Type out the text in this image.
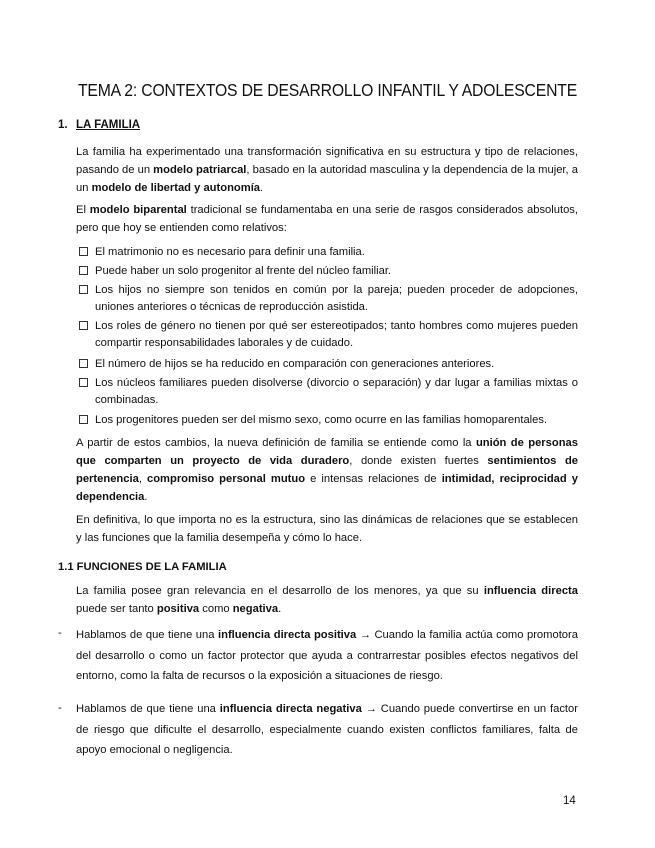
TEMA 2: CONTEXTOS DE DESARROLLO INFANTIL Y ADOLESCENTE
1. LA FAMILIA
La familia ha experimentado una transformación significativa en su estructura y tipo de relaciones, pasando de un modelo patriarcal, basado en la autoridad masculina y la dependencia de la mujer, a un modelo de libertad y autonomía.
El modelo biparental tradicional se fundamentaba en una serie de rasgos considerados absolutos, pero que hoy se entienden como relativos:
El matrimonio no es necesario para definir una familia.
Puede haber un solo progenitor al frente del núcleo familiar.
Los hijos no siempre son tenidos en común por la pareja; pueden proceder de adopciones, uniones anteriores o técnicas de reproducción asistida.
Los roles de género no tienen por qué ser estereotipados; tanto hombres como mujeres pueden compartir responsabilidades laborales y de cuidado.
El número de hijos se ha reducido en comparación con generaciones anteriores.
Los núcleos familiares pueden disolverse (divorcio o separación) y dar lugar a familias mixtas o combinadas.
Los progenitores pueden ser del mismo sexo, como ocurre en las familias homoparentales.
A partir de estos cambios, la nueva definición de familia se entiende como la unión de personas que comparten un proyecto de vida duradero, donde existen fuertes sentimientos de pertenencia, compromiso personal mutuo e intensas relaciones de intimidad, reciprocidad y dependencia.
En definitiva, lo que importa no es la estructura, sino las dinámicas de relaciones que se establecen y las funciones que la familia desempeña y cómo lo hace.
1.1 FUNCIONES DE LA FAMILIA
La familia posee gran relevancia en el desarrollo de los menores, ya que su influencia directa puede ser tanto positiva como negativa.
- Hablamos de que tiene una influencia directa positiva → Cuando la familia actúa como promotora del desarrollo o como un factor protector que ayuda a contrarrestar posibles efectos negativos del entorno, como la falta de recursos o la exposición a situaciones de riesgo.
- Hablamos de que tiene una influencia directa negativa → Cuando puede convertirse en un factor de riesgo que dificulte el desarrollo, especialmente cuando existen conflictos familiares, falta de apoyo emocional o negligencia.
14
